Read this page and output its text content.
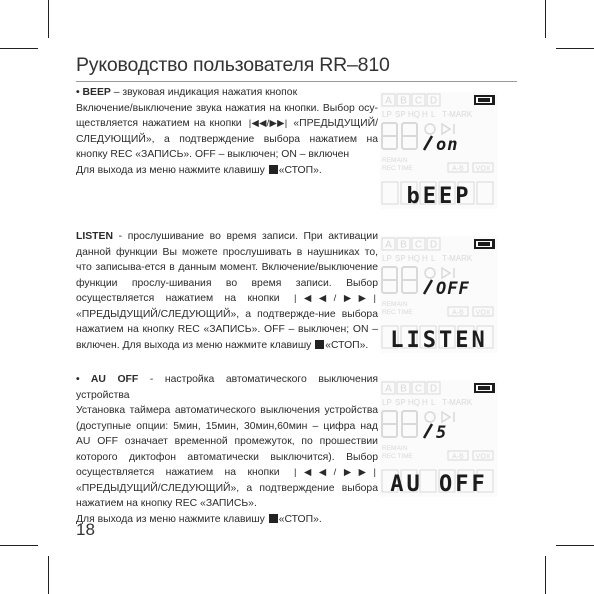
Руководство пользователя RR–810

• BEEP – звуковая индикация нажатия кнопок

Включение/выключение звука нажатия на кнопки. Выбор осу-ществляется нажатием на кнопки |◀◀/▶▶| «ПРЕДЫДУЩИЙ/СЛЕДУЮЩИЙ», а подтверждение выбора нажатием на кнопку REC «ЗАПИСЬ». OFF – выключен; ON – включен

Для выхода из меню нажмите клавишу «СТОП».

LISTEN - прослушивание во время записи. При активации данной функции Вы можете прослушивать в наушниках то, что записыва-ется в данным момент. Включение/выключение функции прослу-шивания во время записи. Выбор осуществляется нажатием на кнопки |◀◀/▶▶| «ПРЕДЫДУЩИЙ/СЛЕДУЮЩИЙ», а подтвержде-ние выбора нажатием на кнопку REC «ЗАПИСЬ». OFF – выключен; ON – включен. Для выхода из меню нажмите клавишу «СТОП».

• AU OFF - настройка автоматического выключения устройства

Установка таймера автоматического выключения устройства (доступные опции: 5мин, 15мин, 30мин,60мин – цифра над AU OFF означает временной промежуток, по прошествии которого диктофон автоматически выключится). Выбор осуществляется нажатием на кнопки |◀◀/▶▶| «ПРЕДЫДУЩИЙ/СЛЕДУЮЩИЙ», а подтверждение выбора нажатием на кнопку REC «ЗАПИСЬ».

Для выхода из меню нажмите клавишу «СТОП».

A B C D
LP SP HQ H L T-MARK
on
REMAIN
REC TIME	A-B VOX
bEEP
A B C D
LP SP HQ H L T-MARK
OFF
REMAIN
REC TIME	A-B VOX
LISTEN
A B C D
LP SP HQ H L T-MARK
5
REMAIN
REC TIME	A-B VOX
AU OFF
18
